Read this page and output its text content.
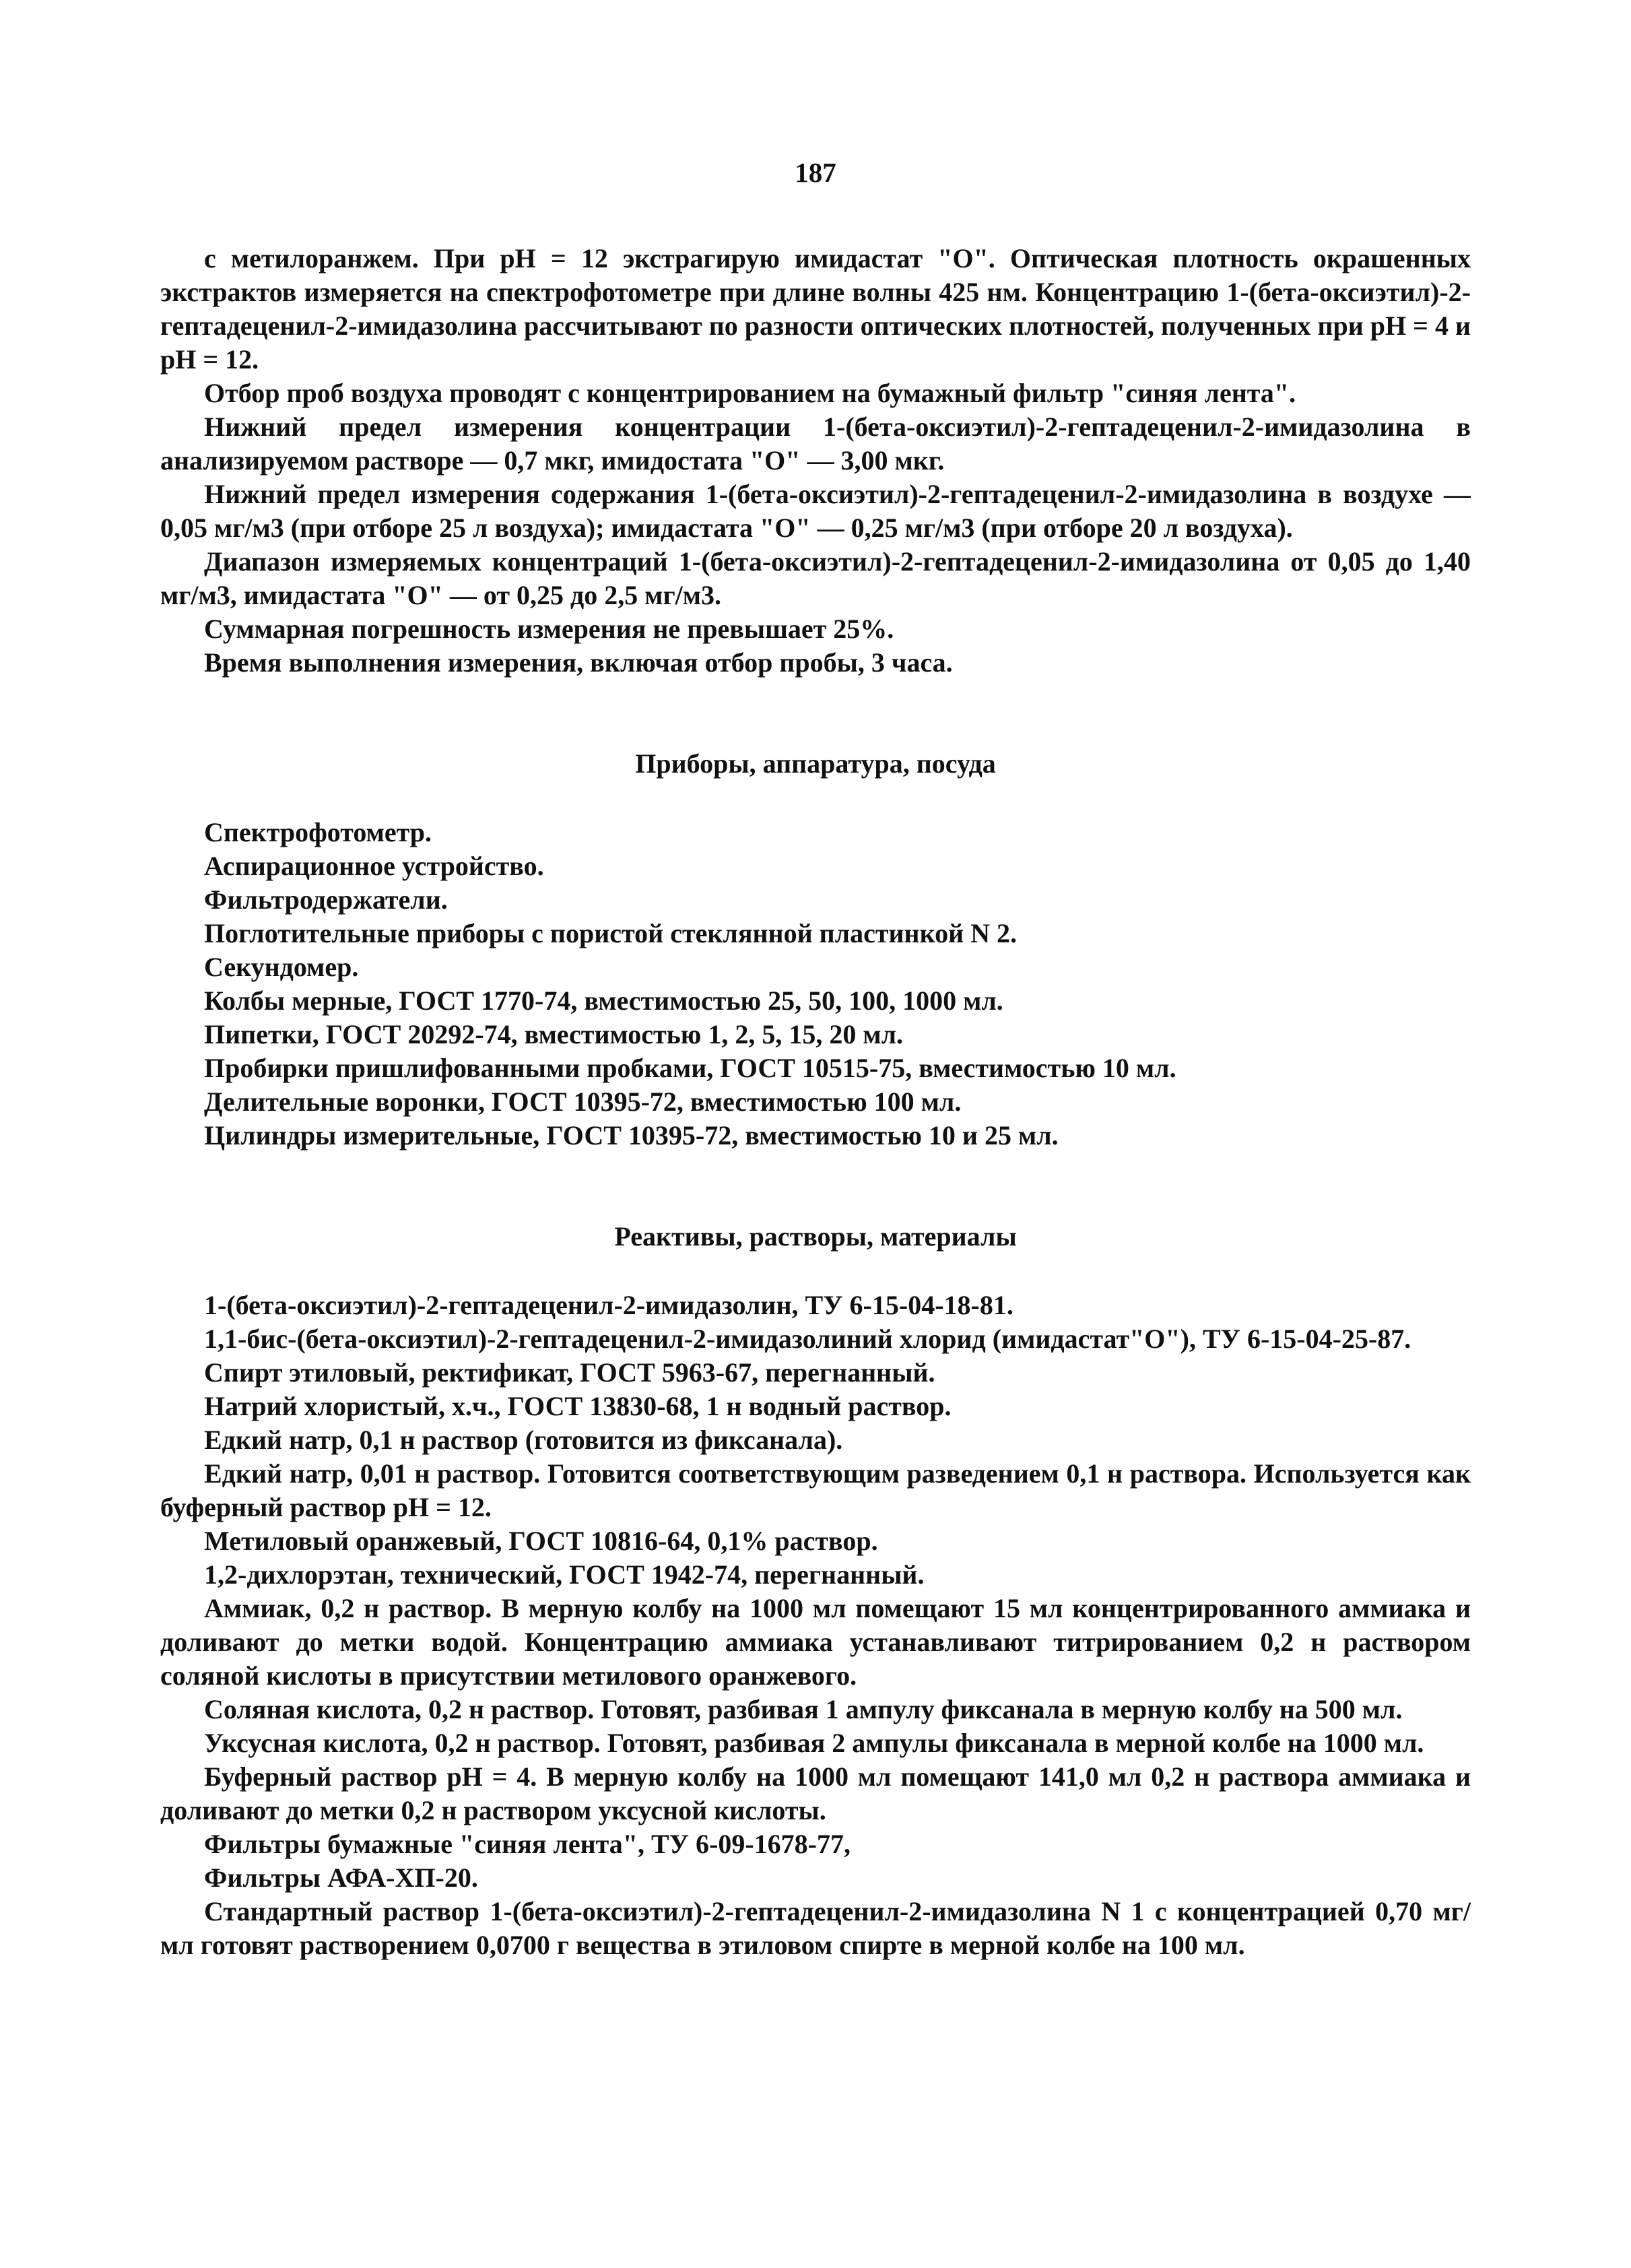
187

с метилоранжем. При pH = 12 экстрагирую имидастат "О". Оптическая плотность окрашенных экстрактов измеряется на спектрофотометре при длине волны 425 нм. Концентрацию 1-(бета-оксиэтил)-2-гептадеценил-2-имидазолина рассчитывают по разности оптических плотностей, полученных при pH = 4 и pH = 12.

Отбор проб воздуха проводят с концентрированием на бумажный фильтр "синяя лента".

Нижний предел измерения концентрации 1-(бета-оксиэтил)-2-гептадеценил-2-имидазолина в анализируемом растворе — 0,7 мкг, имидостата "О" — 3,00 мкг.

Нижний предел измерения содержания 1-(бета-оксиэтил)-2-гептадеценил-2-имидазолина в воздухе — 0,05 мг/м3 (при отборе 25 л воздуха); имидастата "О" — 0,25 мг/м3 (при отборе 20 л воздуха).

Диапазон измеряемых концентраций 1-(бета-оксиэтил)-2-гептадеценил-2-имидазолина от 0,05 до 1,40 мг/м3, имидастата "О" — от 0,25 до 2,5 мг/м3.

Суммарная погрешность измерения не превышает 25%.

Время выполнения измерения, включая отбор пробы, 3 часа.

Приборы, аппаратура, посуда

Спектрофотометр.

Аспирационное устройство.

Фильтродержатели.

Поглотительные приборы с пористой стеклянной пластинкой N 2.

Секундомер.

Колбы мерные, ГОСТ 1770-74, вместимостью 25, 50, 100, 1000 мл.

Пипетки, ГОСТ 20292-74, вместимостью 1, 2, 5, 15, 20 мл.

Пробирки пришлифованными пробками, ГОСТ 10515-75, вместимостью 10 мл.

Делительные воронки, ГОСТ 10395-72, вместимостью 100 мл.

Цилиндры измерительные, ГОСТ 10395-72, вместимостью 10 и 25 мл.

Реактивы, растворы, материалы

1-(бета-оксиэтил)-2-гептадеценил-2-имидазолин, ТУ 6-15-04-18-81.

1,1-бис-(бета-оксиэтил)-2-гептадеценил-2-имидазолиний хлорид (имидастат"О"), ТУ 6-15-04-25-87.

Спирт этиловый, ректификат, ГОСТ 5963-67, перегнанный.

Натрий хлористый, х.ч., ГОСТ 13830-68, 1 н водный раствор.

Едкий натр, 0,1 н раствор (готовится из фиксанала).

Едкий натр, 0,01 н раствор. Готовится соответствующим разведением 0,1 н раствора. Используется как буферный раствор pH = 12.

Метиловый оранжевый, ГОСТ 10816-64, 0,1% раствор.

1,2-дихлорэтан, технический, ГОСТ 1942-74, перегнанный.

Аммиак, 0,2 н раствор. В мерную колбу на 1000 мл помещают 15 мл концентрированного аммиака и доливают до метки водой. Концентрацию аммиака устанавливают титрированием 0,2 н раствором соляной кислоты в присутствии метилового оранжевого.

Соляная кислота, 0,2 н раствор. Готовят, разбивая 1 ампулу фиксанала в мерную колбу на 500 мл.

Уксусная кислота, 0,2 н раствор. Готовят, разбивая 2 ампулы фиксанала в мерной колбе на 1000 мл.

Буферный раствор pH = 4. В мерную колбу на 1000 мл помещают 141,0 мл 0,2 н раствора аммиака и доливают до метки 0,2 н раствором уксусной кислоты.

Фильтры бумажные "синяя лента", ТУ 6-09-1678-77,

Фильтры АФА-ХП-20.

Стандартный раствор 1-(бета-оксиэтил)-2-гептадеценил-2-имидазолина N 1 с концентрацией 0,70 мг/мл готовят растворением 0,0700 г вещества в этиловом спирте в мерной колбе на 100 мл.
